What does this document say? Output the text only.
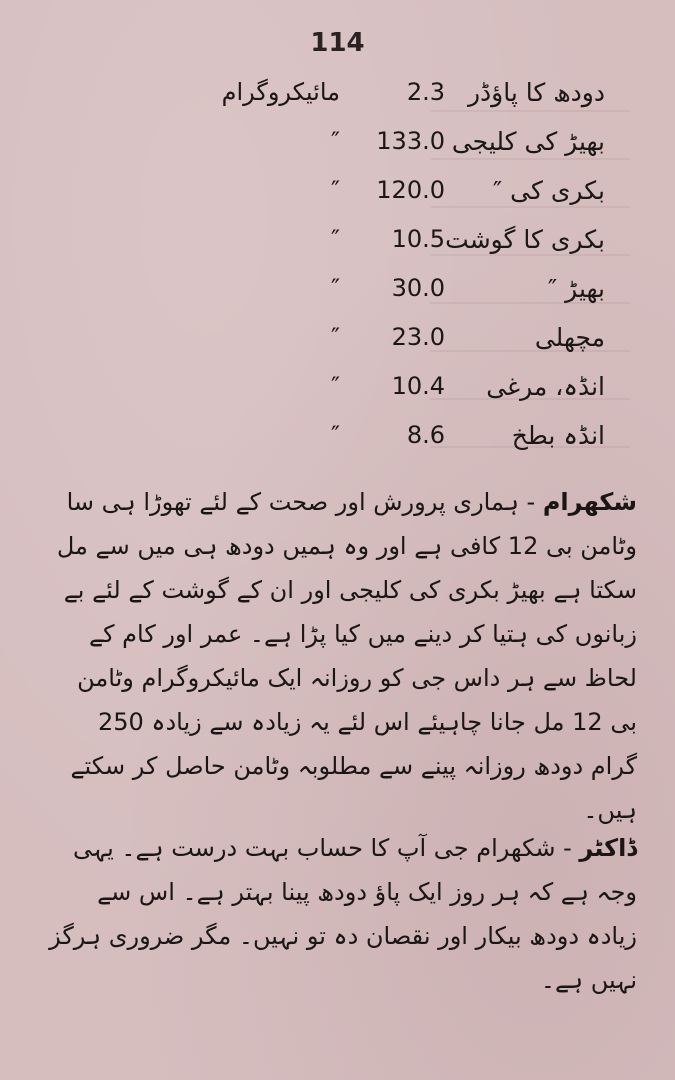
114
دودھ کا پاؤڈر
2.3
مائیکروگرام
بھیڑ کی کلیجی
133.0
″
بکری کی ″
120.0
″
بکری کا گوشت
10.5
″
بھیڑ ″
30.0
″
مچھلی
23.0
″
انڈہ، مرغی
10.4
″
انڈہ بطخ
8.6
″
شکھرام - ہماری پرورش اور صحت کے لئے تھوڑا ہی سا وٹامن بی 12 کافی ہے اور وہ ہمیں دودھ ہی میں سے مل سکتا ہے بھیڑ بکری کی کلیجی اور ان کے گوشت کے لئے بے زبانوں کی ہتیا کر دینے میں کیا پڑا ہے۔ عمر اور کام کے لحاظ سے ہر داس جی کو روزانہ ایک مائیکروگرام وٹامن بی 12 مل جانا چاہیئے اس لئے یہ زیادہ سے زیادہ 250 گرام دودھ روزانہ پینے سے مطلوبہ وٹامن حاصل کر سکتے ہیں۔
ڈاکٹر - شکھرام جی آپ کا حساب بہت درست ہے۔ یہی وجہ ہے کہ ہر روز ایک پاؤ دودھ پینا بہتر ہے۔ اس سے زیادہ دودھ بیکار اور نقصان دہ تو نہیں۔ مگر ضروری ہرگز نہیں ہے۔
